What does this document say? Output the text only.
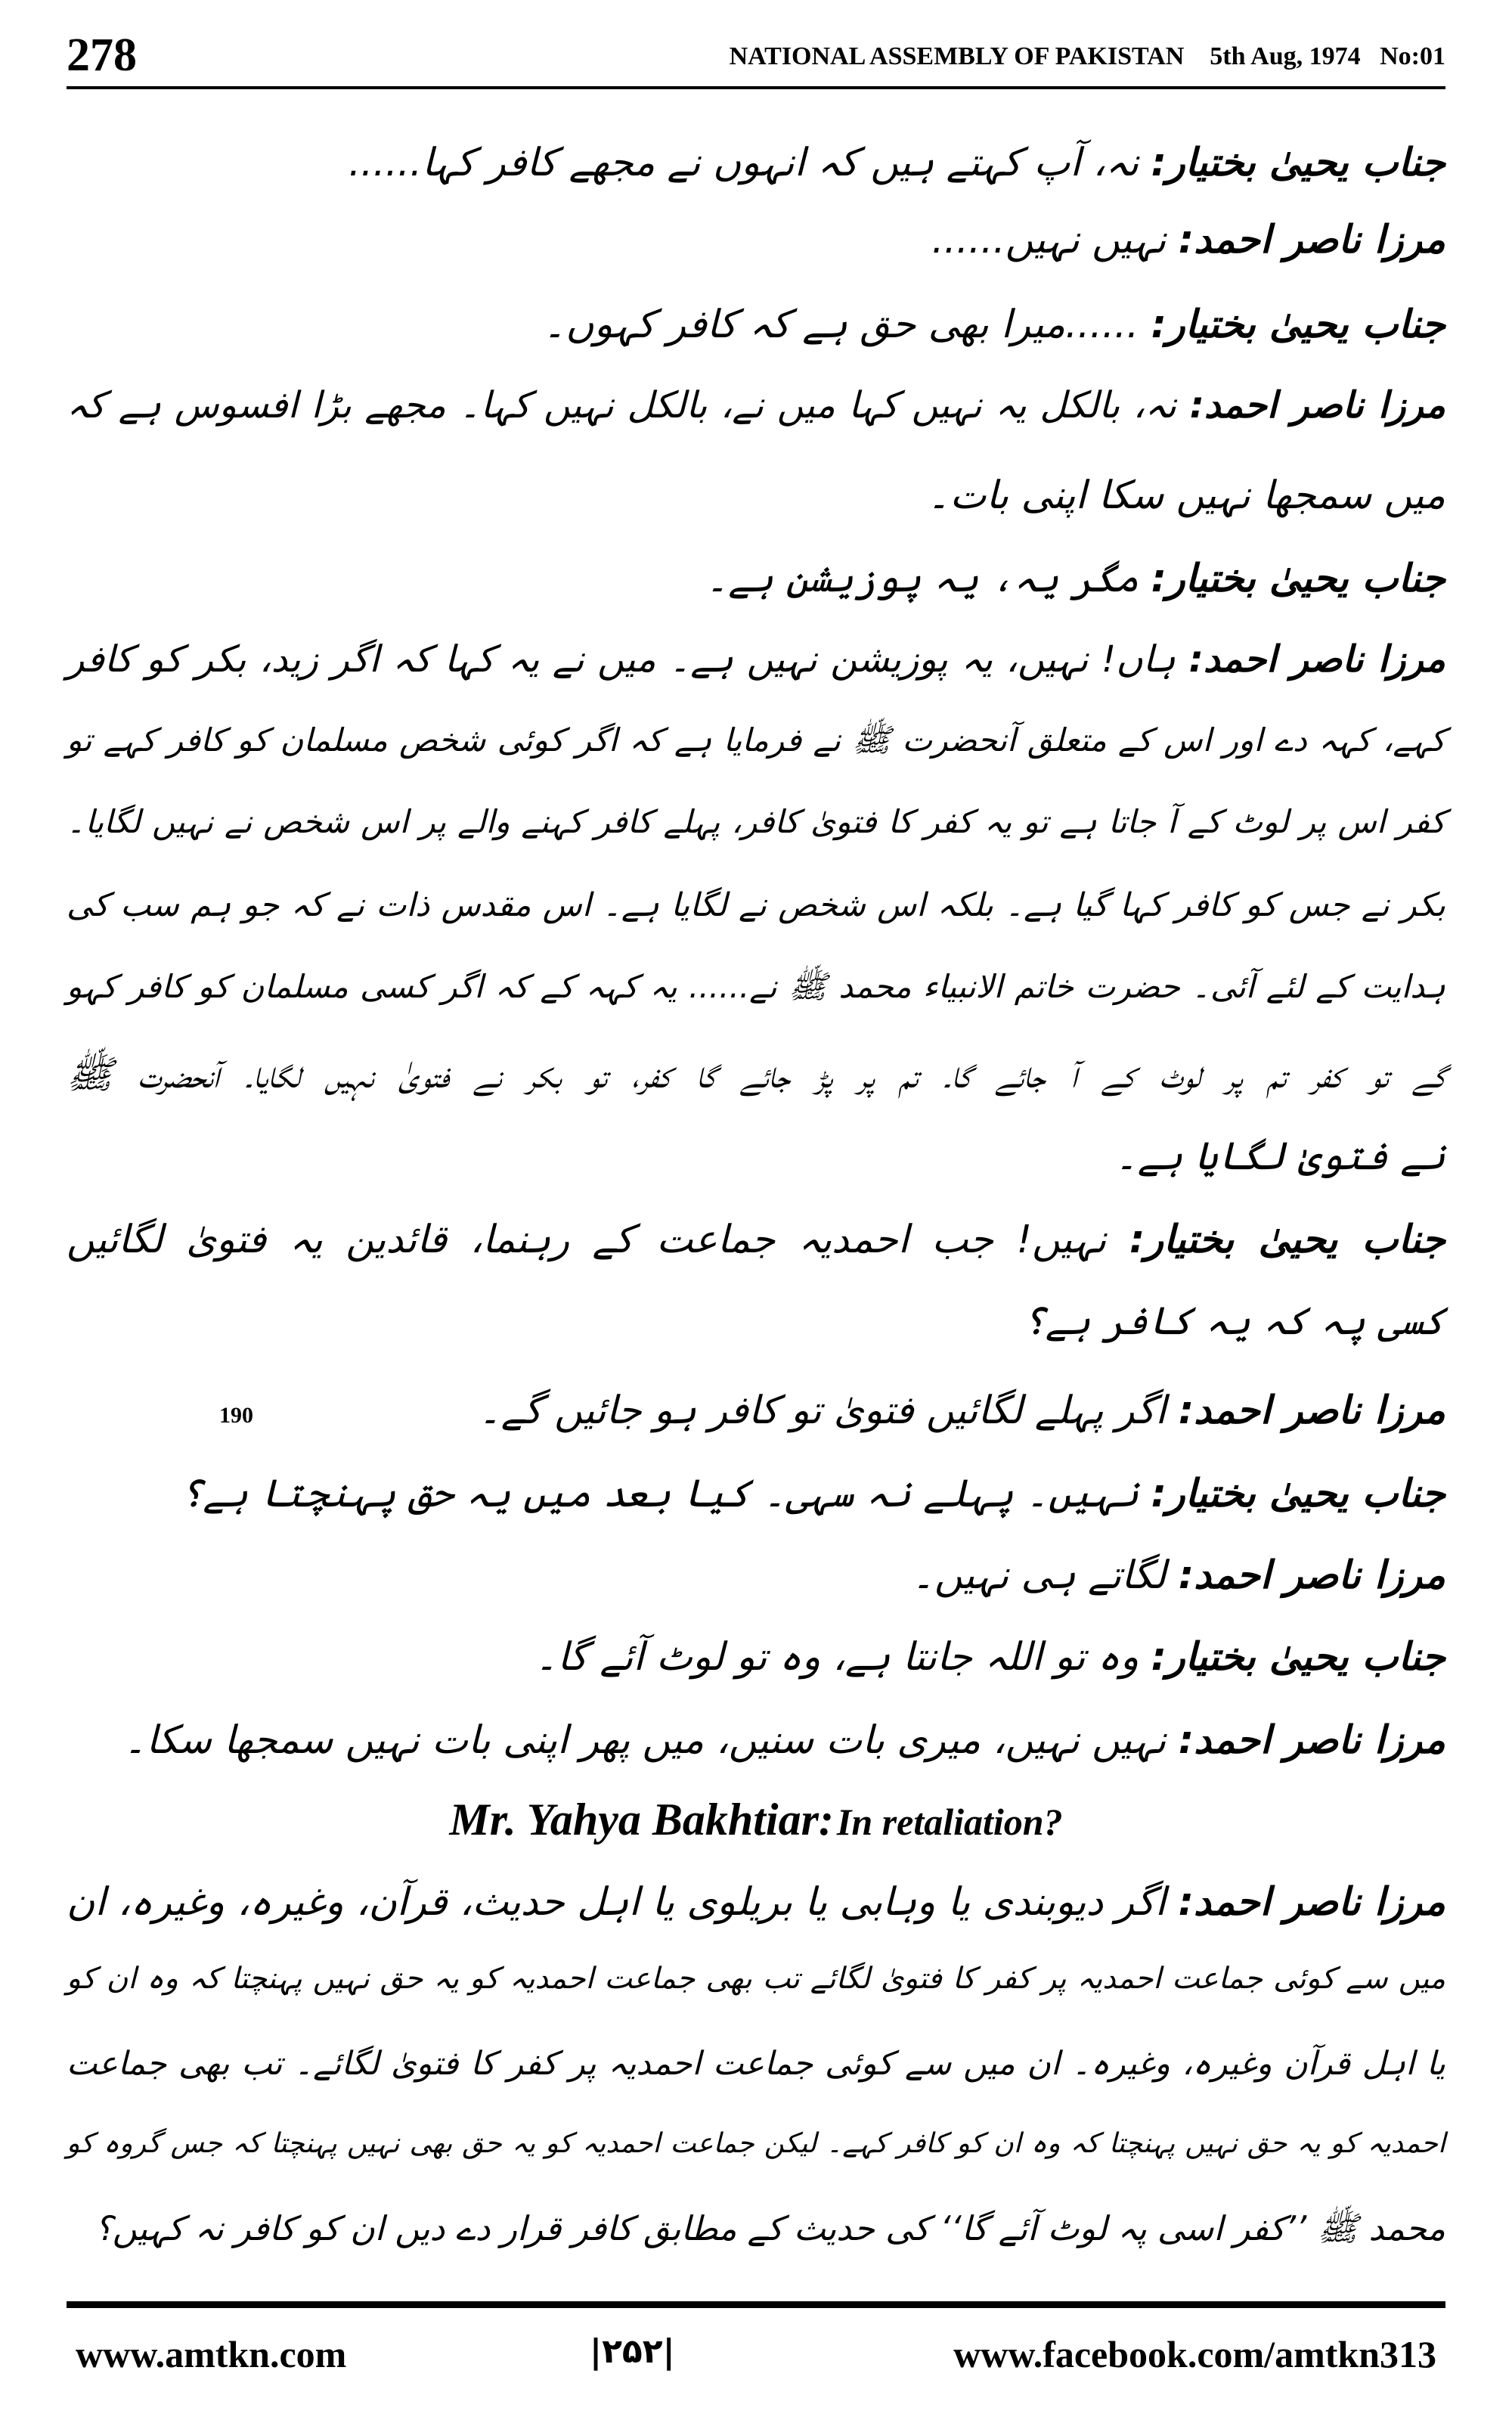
278	NATIONAL ASSEMBLY OF PAKISTAN    5th Aug, 1974   No:01
جناب یحییٰ بختیار: نہ، آپ کہتے ہیں کہ انہوں نے مجھے کافر کہا......
مرزا ناصر احمد: نہیں نہیں......
جناب یحییٰ بختیار: ......میرا بھی حق ہے کہ کافر کہوں۔
مرزا ناصر احمد: نہ، بالکل یہ نہیں کہا میں نے، بالکل نہیں کہا۔ مجھے بڑا افسوس ہے کہ
میں سمجھا نہیں سکا اپنی بات۔
جناب یحییٰ بختیار: مگر یہ، یہ پوزیشن ہے۔
مرزا ناصر احمد: ہاں! نہیں، یہ پوزیشن نہیں ہے۔ میں نے یہ کہا کہ اگر زید، بکر کو کافر
کہے، کہہ دے اور اس کے متعلق آنحضرت ﷺ نے فرمایا ہے کہ اگر کوئی شخص مسلمان کو کافر کہے تو
کفر اس پر لوٹ کے آ جاتا ہے تو یہ کفر کا فتویٰ کافر، پہلے کافر کہنے والے پر اس شخص نے نہیں لگایا۔
بکر نے جس کو کافر کہا گیا ہے۔ بلکہ اس شخص نے لگایا ہے۔ اس مقدس ذات نے کہ جو ہم سب کی
ہدایت کے لئے آئی۔ حضرت خاتم الانبیاء محمد ﷺ نے...... یہ کہہ کے کہ اگر کسی مسلمان کو کافر کہو
گے تو کفر تم پر لوٹ کے آ جائے گا۔ تم پر پڑ جائے گا کفر، تو بکر نے فتویٰ نہیں لگایا۔ آنحضرت ﷺ
نے فتویٰ لگایا ہے۔
جناب یحییٰ بختیار: نہیں! جب احمدیہ جماعت کے رہنما، قائدین یہ فتویٰ لگائیں
کسی پہ کہ یہ کافر ہے؟
190	مرزا ناصر احمد: اگر پہلے لگائیں فتویٰ تو کافر ہو جائیں گے۔
جناب یحییٰ بختیار: نہیں۔ پہلے نہ سہی۔ کیا بعد میں یہ حق پہنچتا ہے؟
مرزا ناصر احمد: لگاتے ہی نہیں۔
جناب یحییٰ بختیار: وہ تو اللہ جانتا ہے، وہ تو لوٹ آئے گا۔
مرزا ناصر احمد: نہیں نہیں، میری بات سنیں، میں پھر اپنی بات نہیں سمجھا سکا۔
Mr. Yahya Bakhtiar: In retaliation?
مرزا ناصر احمد: اگر دیوبندی یا وہابی یا بریلوی یا اہل حدیث، قرآن، وغیرہ، وغیرہ، ان
میں سے کوئی جماعت احمدیہ پر کفر کا فتویٰ لگائے تب بھی جماعت احمدیہ کو یہ حق نہیں پہنچتا کہ وہ ان کو
یا اہل قرآن وغیرہ، وغیرہ۔ ان میں سے کوئی جماعت احمدیہ پر کفر کا فتویٰ لگائے۔ تب بھی جماعت
احمدیہ کو یہ حق نہیں پہنچتا کہ وہ ان کو کافر کہے۔ لیکن جماعت احمدیہ کو یہ حق بھی نہیں پہنچتا کہ جس گروہ کو
محمد ﷺ ’’کفر اسی پہ لوٹ آئے گا‘‘ کی حدیث کے مطابق کافر قرار دے دیں ان کو کافر نہ کہیں؟
www.amtkn.com	|۲۵۲|	www.facebook.com/amtkn313
